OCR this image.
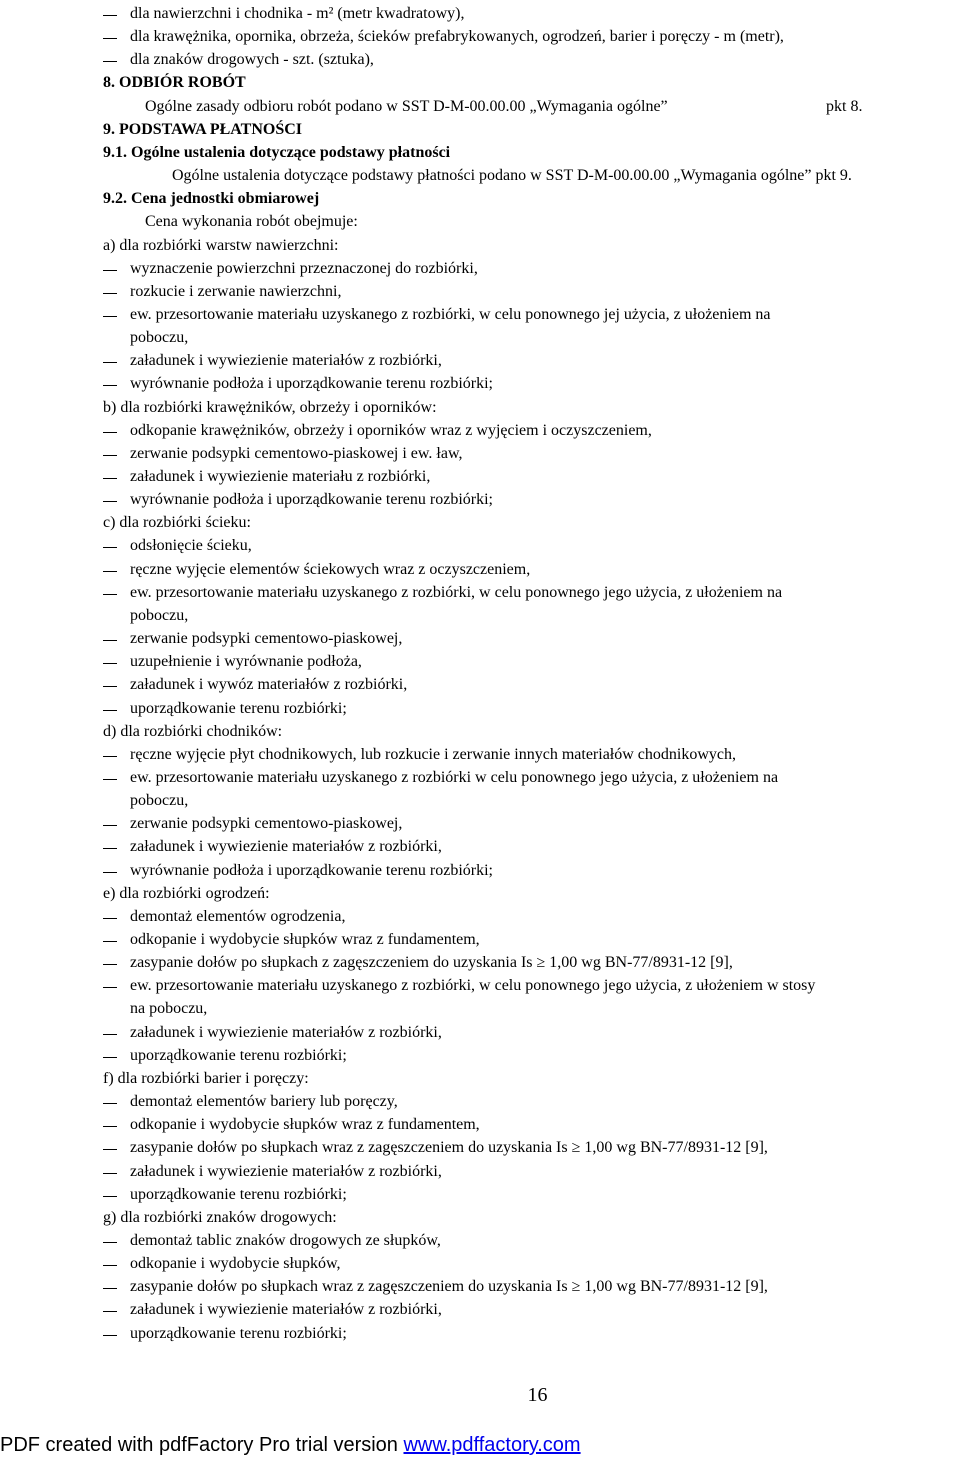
dla nawierzchni i chodnika - m² (metr kwadratowy),
dla krawężnika, opornika, obrzeża, ścieków prefabrykowanych, ogrodzeń, barier i poręczy - m (metr),
dla znaków drogowych - szt. (sztuka),
8. ODBIÓR ROBÓT
Ogólne zasady odbioru robót podano w SST D-M-00.00.00 „Wymagania ogólne”	pkt 8.
9. PODSTAWA PŁATNOŚCI
9.1. Ogólne ustalenia dotyczące podstawy płatności
Ogólne ustalenia dotyczące podstawy płatności podano w SST D-M-00.00.00 „Wymagania ogólne” pkt 9.
9.2. Cena jednostki obmiarowej
Cena wykonania robót obejmuje:
a) dla rozbiórki warstw nawierzchni:
wyznaczenie powierzchni przeznaczonej do rozbiórki,
rozkucie i zerwanie nawierzchni,
ew. przesortowanie materiału uzyskanego z rozbiórki, w celu ponownego jej użycia, z ułożeniem na
poboczu,
załadunek i wywiezienie materiałów z rozbiórki,
wyrównanie podłoża i uporządkowanie terenu rozbiórki;
b) dla rozbiórki krawężników, obrzeży i oporników:
odkopanie krawężników, obrzeży i oporników wraz z wyjęciem i oczyszczeniem,
zerwanie podsypki cementowo-piaskowej i ew. ław,
załadunek i wywiezienie materiału z rozbiórki,
wyrównanie podłoża i uporządkowanie terenu rozbiórki;
c) dla rozbiórki ścieku:
odsłonięcie ścieku,
ręczne wyjęcie elementów ściekowych wraz z oczyszczeniem,
ew. przesortowanie materiału uzyskanego z rozbiórki, w celu ponownego jego użycia, z ułożeniem na
poboczu,
zerwanie podsypki cementowo-piaskowej,
uzupełnienie i wyrównanie podłoża,
załadunek i wywóz materiałów z rozbiórki,
uporządkowanie terenu rozbiórki;
d) dla rozbiórki chodników:
ręczne wyjęcie płyt chodnikowych, lub rozkucie i zerwanie innych materiałów chodnikowych,
ew. przesortowanie materiału uzyskanego z rozbiórki w celu ponownego jego użycia, z ułożeniem na
poboczu,
zerwanie podsypki cementowo-piaskowej,
załadunek i wywiezienie materiałów z rozbiórki,
wyrównanie podłoża i uporządkowanie terenu rozbiórki;
e) dla rozbiórki ogrodzeń:
demontaż elementów ogrodzenia,
odkopanie i wydobycie słupków wraz z fundamentem,
zasypanie dołów po słupkach z zagęszczeniem do uzyskania Is ≥ 1,00 wg BN-77/8931-12 [9],
ew. przesortowanie materiału uzyskanego z rozbiórki, w celu ponownego jego użycia, z ułożeniem w stosy
na poboczu,
załadunek i wywiezienie materiałów z rozbiórki,
uporządkowanie terenu rozbiórki;
f) dla rozbiórki barier i poręczy:
demontaż elementów bariery lub poręczy,
odkopanie i wydobycie słupków wraz z fundamentem,
zasypanie dołów po słupkach wraz z zagęszczeniem do uzyskania Is ≥ 1,00 wg BN-77/8931-12 [9],
załadunek i wywiezienie materiałów z rozbiórki,
uporządkowanie terenu rozbiórki;
g) dla rozbiórki znaków drogowych:
demontaż tablic znaków drogowych ze słupków,
odkopanie i wydobycie słupków,
zasypanie dołów po słupkach wraz z zagęszczeniem do uzyskania Is ≥ 1,00 wg BN-77/8931-12 [9],
załadunek i wywiezienie materiałów z rozbiórki,
uporządkowanie terenu rozbiórki;
16
PDF created with pdfFactory Pro trial version www.pdffactory.com
